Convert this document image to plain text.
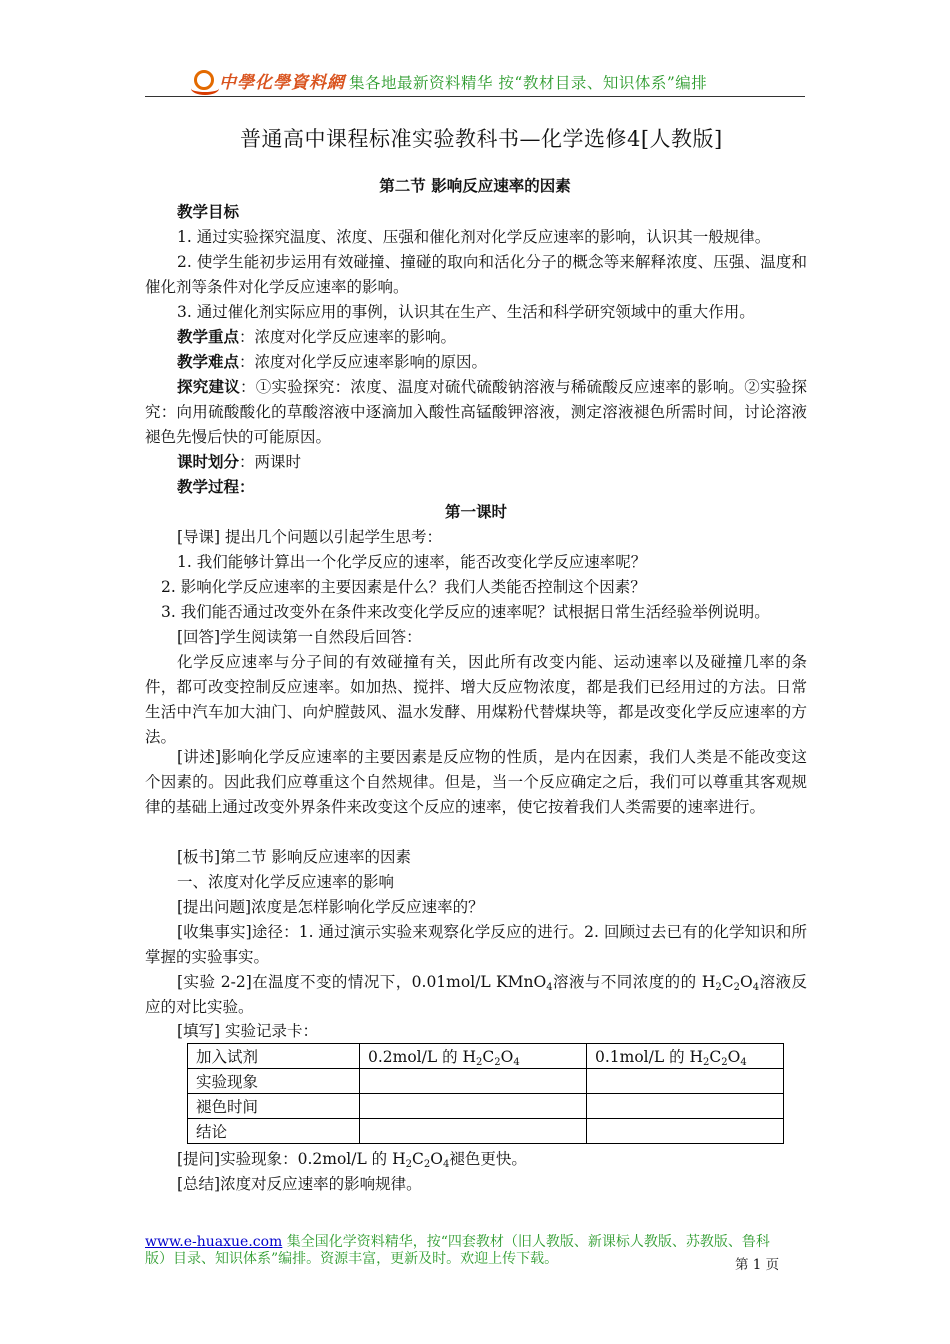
中學化學資料網 集各地最新资料精华 按“教材目录、知识体系”编排
普通高中课程标准实验教科书—化学选修4[人教版]
第二节 影响反应速率的因素
教学目标
1. 通过实验探究温度、浓度、压强和催化剂对化学反应速率的影响，认识其一般规律。
2. 使学生能初步运用有效碰撞、撞碰的取向和活化分子的概念等来解释浓度、压强、温度和催化剂等条件对化学反应速率的影响。
3. 通过催化剂实际应用的事例，认识其在生产、生活和科学研究领域中的重大作用。
教学重点：浓度对化学反应速率的影响。
教学难点：浓度对化学反应速率影响的原因。
探究建议：①实验探究：浓度、温度对硫代硫酸钠溶液与稀硫酸反应速率的影响。②实验探究：向用硫酸酸化的草酸溶液中逐滴加入酸性高锰酸钾溶液，测定溶液褪色所需时间，讨论溶液褪色先慢后快的可能原因。
课时划分：两课时
教学过程：
第一课时
[导课] 提出几个问题以引起学生思考：
1. 我们能够计算出一个化学反应的速率，能否改变化学反应速率呢？
2. 影响化学反应速率的主要因素是什么？我们人类能否控制这个因素？
3. 我们能否通过改变外在条件来改变化学反应的速率呢？试根据日常生活经验举例说明。
[回答]学生阅读第一自然段后回答：
化学反应速率与分子间的有效碰撞有关，因此所有改变内能、运动速率以及碰撞几率的条件，都可改变控制反应速率。如加热、搅拌、增大反应物浓度，都是我们已经用过的方法。日常生活中汽车加大油门、向炉膛鼓风、温水发酵、用煤粉代替煤块等，都是改变化学反应速率的方法。
[讲述]影响化学反应速率的主要因素是反应物的性质，是内在因素，我们人类是不能改变这个因素的。因此我们应尊重这个自然规律。但是，当一个反应确定之后，我们可以尊重其客观规律的基础上通过改变外界条件来改变这个反应的速率，使它按着我们人类需要的速率进行。
[板书]第二节 影响反应速率的因素
一、浓度对化学反应速率的影响
[提出问题]浓度是怎样影响化学反应速率的？
[收集事实]途径：1. 通过演示实验来观察化学反应的进行。2. 回顾过去已有的化学知识和所掌握的实验事实。
[实验 2-2]在温度不变的情况下，0.01mol/L KMnO$_4$溶液与不同浓度的的 $H_2C_2O_4$溶液反应的对比实验。
[填写] 实验记录卡：
加入试剂	0.2mol/L 的 $H_2C_2O_4$	0.1mol/L 的 $H_2C_2O_4$
实验现象		
褪色时间		
结论		
[提问]实验现象：0.2mol/L 的 $H_2C_2O_4$褪色更快。
[总结]浓度对反应速率的影响规律。
www.e-huaxue.com 集全国化学资料精华，按“四套教材（旧人教版、新课标人教版、苏教版、鲁科版）目录、知识体系”编排。资源丰富，更新及时。欢迎上传下载。	第 1 页
